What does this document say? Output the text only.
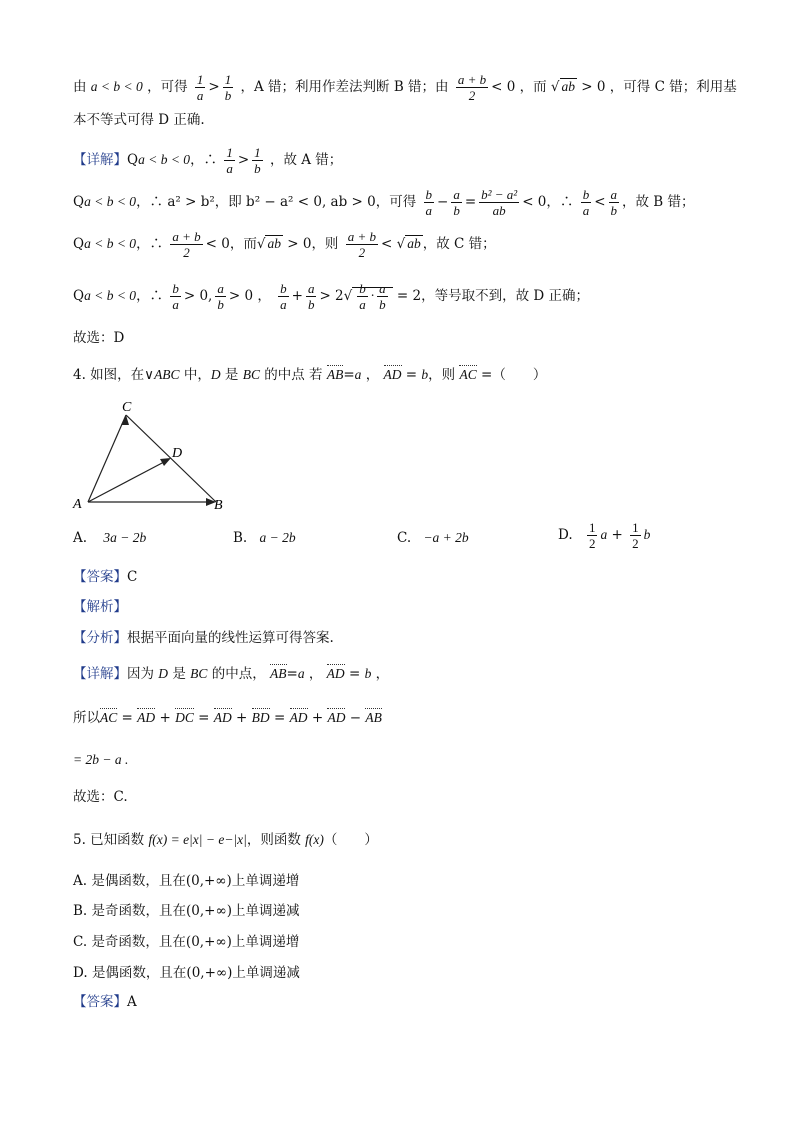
由 a < b < 0 ，可得 $\frac{1}{a} > \frac{1}{b}$ ，A 错；利用作差法判断 B 错；由 $\frac{a + b}{2} < 0$ ，而 √ ab > 0 ，可得 C 错；利用基
本不等式可得 D 正确.
【详解】Qa < b < 0，∴ $\frac{1}{a} > \frac{1}{b}$ ，故 A 错；
Qa < b < 0，∴ a² > b²，即 b² − a² < 0, ab > 0，可得 $\frac{b}{a} - \frac{a}{b} = \frac{\text{b² − a²}}{ab} < 0$，∴ $\frac{b}{a} < \frac{a}{b}$ ，故 B 错；
Qa < b < 0，∴ $\frac{a + b}{2} < 0$，而√ ab > 0，则 $\frac{a + b}{2}$ < √ ab ，故 C 错；
Qa < b < 0，∴ $\frac{b}{a} > 0$, $\frac{a}{b} > 0$ ， $\frac{b}{a} + \frac{a}{b} > 2√ \frac{b}{a} \cdot \frac{a}{b} = 2$，等号取不到，故 D 正确；
故选：D
4. 如图，在∨ABC 中，D 是 BC 的中点 若 AB=a ， AD = b，则 AC =（　　）
C
D
A	B
A. 3a − 2b	B. a − 2b	C. −a + 2b	D. $\frac{1}{2}$ $a + \frac{1}{2}$ b
【答案】C
【解析】
【分析】根据平面向量的线性运算可得答案.
【详解】因为 D 是 BC 的中点， AB=a ， AD = b ，
所以AC = AD + DC = AD + BD = AD + AD − AB
= 2b − a .
故选：C.
5. 已知函数 f(x) = e|x| − e−|x|，则函数 f(x)（　　）
A. 是偶函数，且在(0,+∞)上单调递增
B. 是奇函数，且在(0,+∞)上单调递减
C. 是奇函数，且在(0,+∞)上单调递增
D. 是偶函数，且在(0,+∞)上单调递减
【答案】A
